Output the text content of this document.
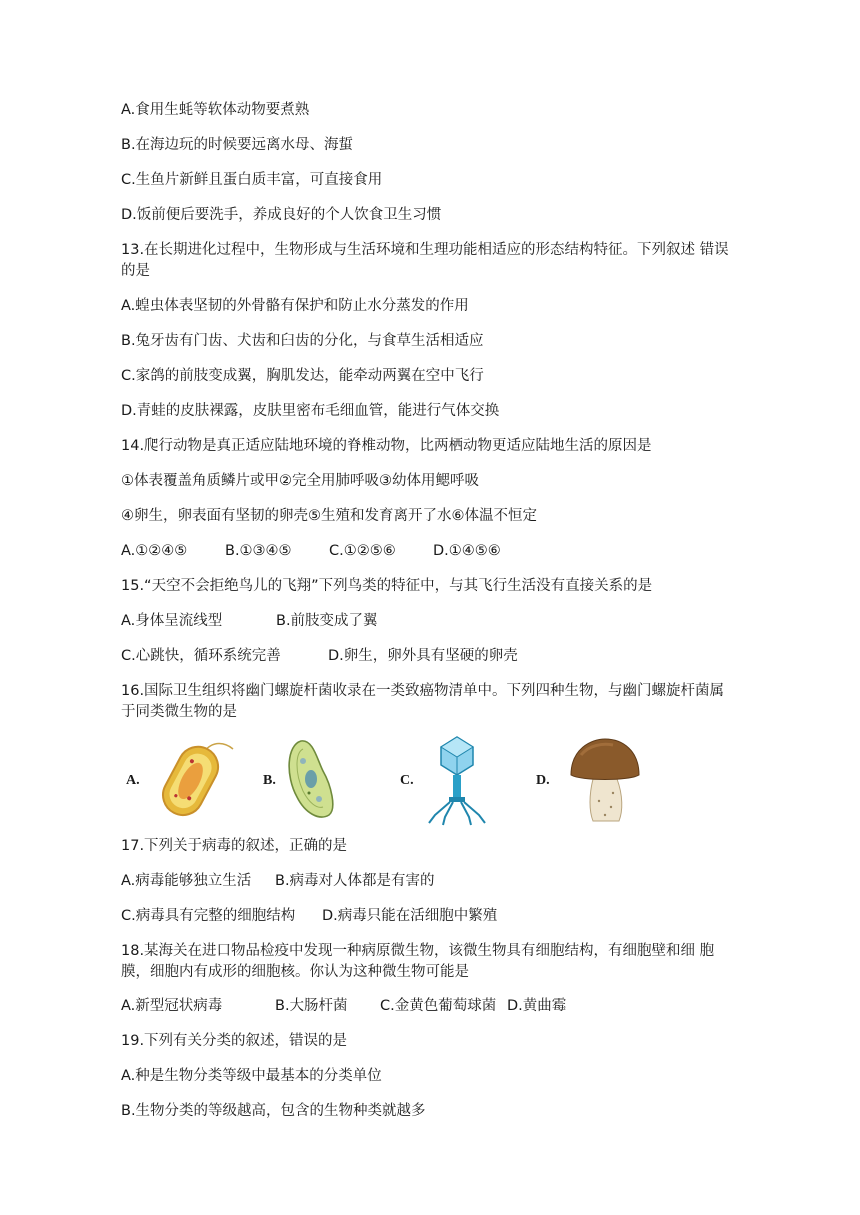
A.食用生蚝等软体动物要煮熟
B.在海边玩的时候要远离水母、海蜇
C.生鱼片新鲜且蛋白质丰富，可直接食用
D.饭前便后要洗手，养成良好的个人饮食卫生习惯
13.在长期进化过程中，生物形成与生活环境和生理功能相适应的形态结构特征。下列叙述 错误的是
A.蝗虫体表坚韧的外骨骼有保护和防止水分蒸发的作用
B.兔牙齿有门齿、犬齿和臼齿的分化，与食草生活相适应
C.家鸽的前肢变成翼，胸肌发达，能牵动两翼在空中飞行
D.青蛙的皮肤裸露，皮肤里密布毛细血管，能进行气体交换
14.爬行动物是真正适应陆地环境的脊椎动物，比两栖动物更适应陆地生活的原因是
①体表覆盖角质鳞片或甲②完全用肺呼吸③幼体用鳃呼吸
④卵生，卵表面有坚韧的卵壳⑤生殖和发育离开了水⑥体温不恒定
A.①②④⑤	B.①③④⑤	C.①②⑤⑥	D.①④⑤⑥
15.“天空不会拒绝鸟儿的飞翔”下列鸟类的特征中，与其飞行生活没有直接关系的是
A.身体呈流线型	B.前肢变成了翼
C.心跳快，循环系统完善	D.卵生，卵外具有坚硬的卵壳
16.国际卫生组织将幽门螺旋杆菌收录在一类致癌物清单中。下列四种生物，与幽门螺旋杆菌属于同类微生物的是
A.	B.	C.	D.
17.下列关于病毒的叙述，正确的是
A.病毒能够独立生活 B.病毒对人体都是有害的
C.病毒具有完整的细胞结构 D.病毒只能在活细胞中繁殖
18.某海关在进口物品检疫中发现一种病原微生物，该微生物具有细胞结构，有细胞壁和细 胞膜，细胞内有成形的细胞核。你认为这种微生物可能是
A.新型冠状病毒	B.大肠杆菌 C.金黄色葡萄球菌 D.黄曲霉
19.下列有关分类的叙述，错误的是
A.种是生物分类等级中最基本的分类单位
B.生物分类的等级越高，包含的生物种类就越多
